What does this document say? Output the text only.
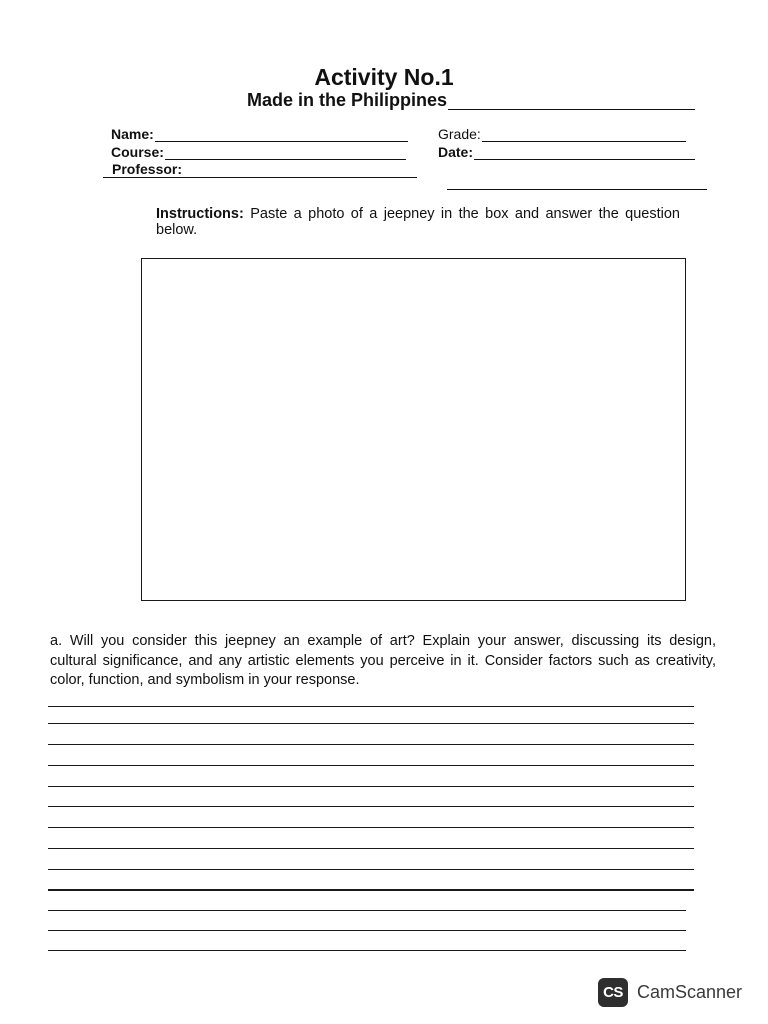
Activity No.1
Made in the Philippines
Name:	Grade:
Course:	Date:
Professor:
Instructions: Paste a photo of a jeepney in the box and answer the question
below.
a. Will you consider this jeepney an example of art? Explain your answer, discussing its design,
cultural significance, and any artistic elements you perceive in it. Consider factors such as creativity,
color, function, and symbolism in your response.
CS CamScanner
